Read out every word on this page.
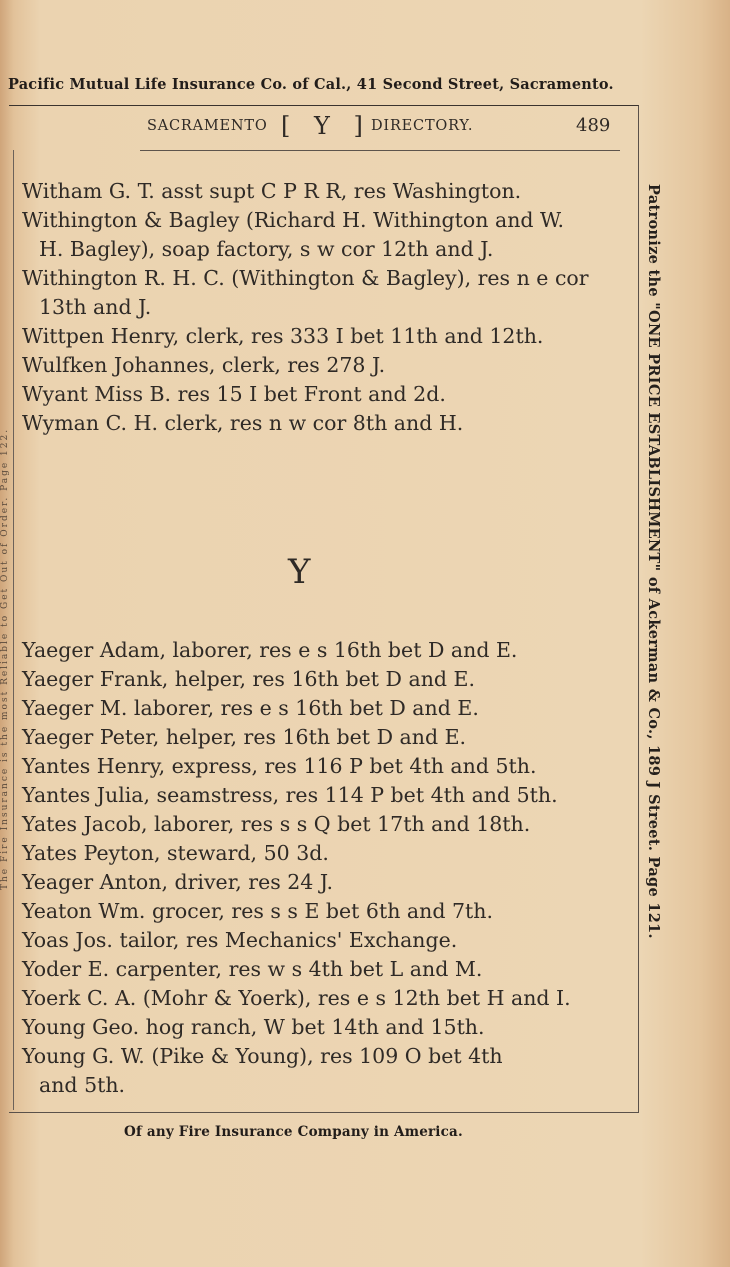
Pacific Mutual Life Insurance Co. of Cal., 41 Second Street, Sacramento.
SACRAMENTO [ Y ] DIRECTORY.	489
Witham G. T. asst supt C P R R, res Washington.
Withington & Bagley (Richard H. Withington and W.
H. Bagley), soap factory, s w cor 12th and J.
Withington R. H. C. (Withington & Bagley), res n e cor
13th and J.
Wittpen Henry, clerk, res 333 I bet 11th and 12th.
Wulfken Johannes, clerk, res 278 J.
Wyant Miss B. res 15 I bet Front and 2d.
Wyman C. H. clerk, res n w cor 8th and H.
Y
Yaeger Adam, laborer, res e s 16th bet D and E.
Yaeger Frank, helper, res 16th bet D and E.
Yaeger M. laborer, res e s 16th bet D and E.
Yaeger Peter, helper, res 16th bet D and E.
Yantes Henry, express, res 116 P bet 4th and 5th.
Yantes Julia, seamstress, res 114 P bet 4th and 5th.
Yates Jacob, laborer, res s s Q bet 17th and 18th.
Yates Peyton, steward, 50 3d.
Yeager Anton, driver, res 24 J.
Yeaton Wm. grocer, res s s E bet 6th and 7th.
Yoas Jos. tailor, res Mechanics' Exchange.
Yoder E. carpenter, res w s 4th bet L and M.
Yoerk C. A. (Mohr & Yoerk), res e s 12th bet H and I.
Young Geo. hog ranch, W bet 14th and 15th.
Young G. W. (Pike & Young), res 109 O bet 4th
and 5th.
Of any Fire Insurance Company in America.
Patronize the "ONE PRICE ESTABLISHMENT" of Ackerman & Co., 189 J Street. Page 121.
The Fire Insurance is the most Reliable to Get Out of Order. Page 122.
